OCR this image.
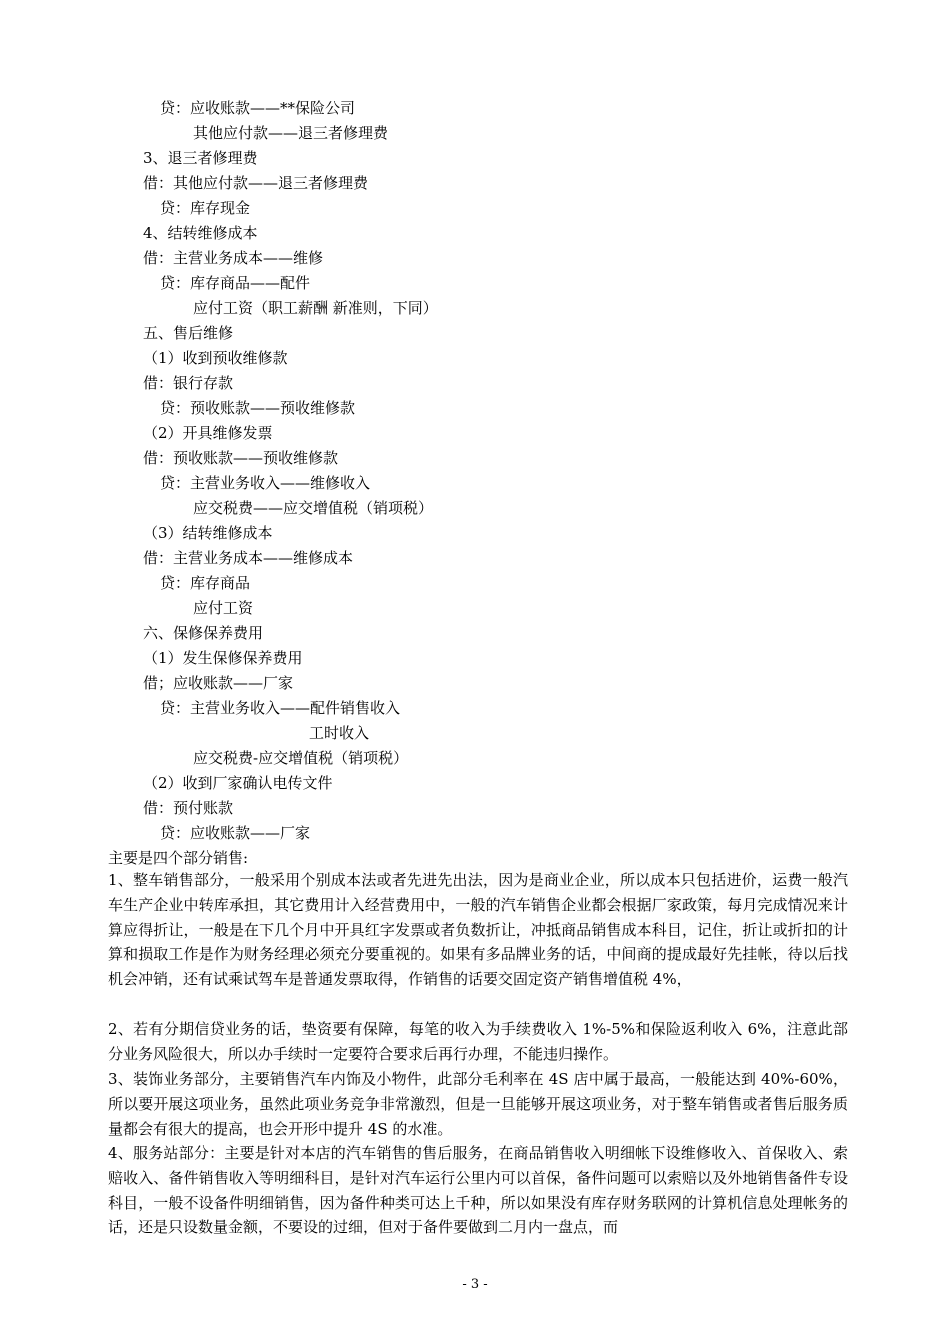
贷：应收账款——**保险公司
其他应付款——退三者修理费
3、退三者修理费
借：其他应付款——退三者修理费
贷：库存现金
4、结转维修成本
借：主营业务成本——维修
贷：库存商品——配件
应付工资（职工薪酬 新准则，下同）
五、售后维修
（1）收到预收维修款
借：银行存款
贷：预收账款——预收维修款
（2）开具维修发票
借：预收账款——预收维修款
贷：主营业务收入——维修收入
应交税费——应交增值税（销项税）
（3）结转维修成本
借：主营业务成本——维修成本
贷：库存商品
应付工资
六、保修保养费用
（1）发生保修保养费用
借；应收账款——厂家
贷：主营业务收入——配件销售收入
工时收入
应交税费-应交增值税（销项税）
（2）收到厂家确认电传文件
借：预付账款
贷：应收账款——厂家
主要是四个部分销售:
1、整车销售部分，一般采用个别成本法或者先进先出法，因为是商业企业，所以成本只包括进价，运费一般汽车生产企业中转库承担，其它费用计入经营费用中，一般的汽车销售企业都会根据厂家政策，每月完成情况来计算应得折让，一般是在下几个月中开具红字发票或者负数折让，冲抵商品销售成本科目，记住，折让或折扣的计算和损取工作是作为财务经理必须充分要重视的。如果有多品牌业务的话，中间商的提成最好先挂帐，待以后找机会冲销，还有试乘试驾车是普通发票取得，作销售的话要交固定资产销售增值税 4%，
2、若有分期信贷业务的话，垫资要有保障，每笔的收入为手续费收入 1%-5%和保险返利收入 6%，注意此部分业务风险很大，所以办手续时一定要符合要求后再行办理，不能违归操作。
3、装饰业务部分，主要销售汽车内饰及小物件，此部分毛利率在 4S 店中属于最高，一般能达到 40%-60%，所以要开展这项业务，虽然此项业务竞争非常激烈，但是一旦能够开展这项业务，对于整车销售或者售后服务质量都会有很大的提高，也会开形中提升 4S 的水准。
4、服务站部分：主要是针对本店的汽车销售的售后服务，在商品销售收入明细帐下设维修收入、首保收入、索赔收入、备件销售收入等明细科目，是针对汽车运行公里内可以首保，备件问题可以索赔以及外地销售备件专设科目，一般不设备件明细销售，因为备件种类可达上千种，所以如果没有库存财务联网的计算机信息处理帐务的话，还是只设数量金额，不要设的过细，但对于备件要做到二月内一盘点，而
- 3 -
